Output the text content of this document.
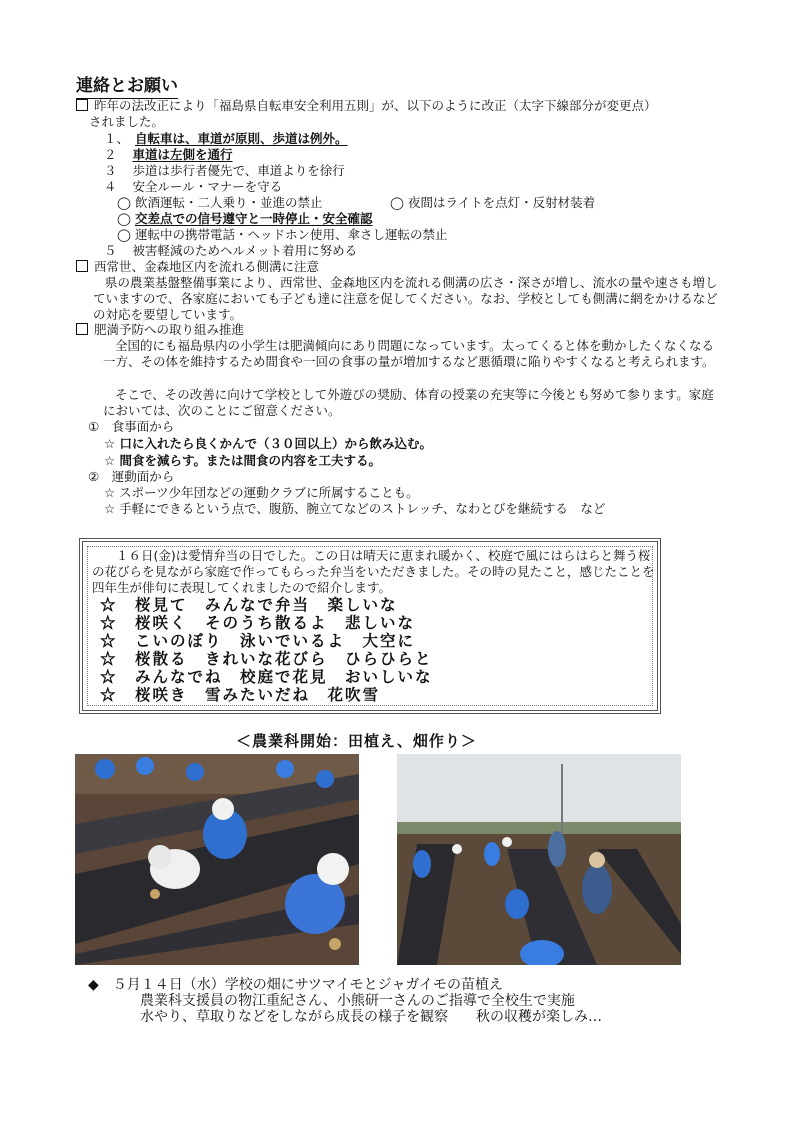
連絡とお願い
昨年の法改正により「福島県自転車安全利用五則」が、以下のように改正（太字下線部分が変更点）
されました。
１、 自転車は、車道が原則、歩道は例外。
２ 車道は左側を通行
３ 歩道は歩行者優先で、車道よりを徐行
４ 安全ルール・マナーを守る
◯ 飲酒運転・二人乗り・並進の禁止	◯ 夜間はライトを点灯・反射材装着
◯ 交差点での信号遵守と一時停止・安全確認
◯ 運転中の携帯電話・ヘッドホン使用、傘さし運転の禁止
５ 被害軽減のためヘルメット着用に努める
西常世、金森地区内を流れる側溝に注意
県の農業基盤整備事業により、西常世、金森地区内を流れる側溝の広さ・深さが増し、流水の量や速さも増していますので、各家庭においても子ども達に注意を促してください。なお、学校としても側溝に網をかけるなどの対応を要望しています。
肥満予防への取り組み推進
全国的にも福島県内の小学生は肥満傾向にあり問題になっています。太ってくると体を動かしたくなくなる一方、その体を維持するため間食や一回の食事の量が増加するなど悪循環に陥りやすくなると考えられます。
そこで、その改善に向けて学校として外遊びの奨励、体育の授業の充実等に今後とも努めて参ります。家庭においては、次のことにご留意ください。
①　食事面から
☆ 口に入れたら良くかんで（３０回以上）から飲み込む。
☆ 間食を減らす。または間食の内容を工夫する。
②　運動面から
☆ スポーツ少年団などの運動クラブに所属することも。
☆ 手軽にできるという点で、腹筋、腕立てなどのストレッチ、なわとびを継続する　など
１６日(金)は愛情弁当の日でした。この日は晴天に恵まれ暖かく、校庭で風にはらはらと舞う桜の花びらを見ながら家庭で作ってもらった弁当をいただきました。その時の見たこと，感じたことを四年生が俳句に表現してくれましたので紹介します。
☆　桜見て　みんなで弁当　楽しいな
☆　桜咲く　そのうち散るよ　悲しいな
☆　こいのぼり　泳いでいるよ　大空に
☆　桜散る　きれいな花びら　ひらひらと
☆　みんなでね　校庭で花見　おいしいな
☆　桜咲き　雪みたいだね　花吹雪
＜農業科開始：田植え、畑作り＞
◆　５月１４日（水）学校の畑にサツマイモとジャガイモの苗植え
農業科支援員の物江重紀さん、小熊研一さんのご指導で全校生で実施
水やり、草取りなどをしながら成長の様子を観察　　秋の収穫が楽しみ…
